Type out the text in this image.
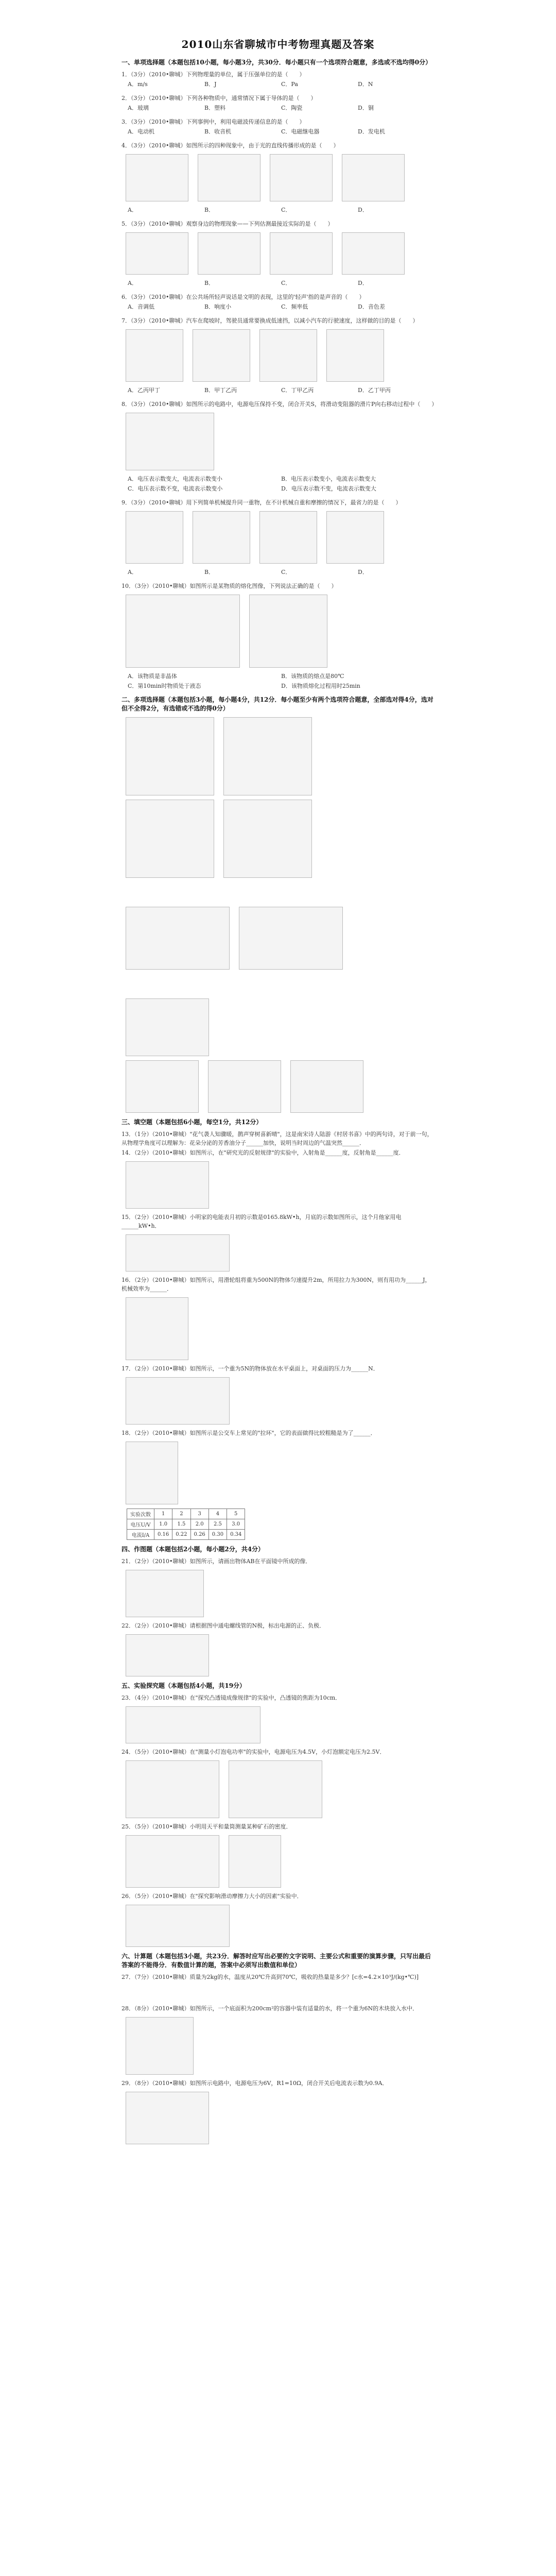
2010山东省聊城市中考物理真题及答案
一、单项选择题（本题包括10小题，每小题3分，共30分．每小题只有一个选项符合题意，多选或不选均得0分）
1．（3分）（2010•聊城）下列物理量的单位，属于压强单位的是（　　）
A．m/s	B．J	C．Pa	D．N
2．（3分）（2010•聊城）下列各种物质中，通常情况下属于导体的是（　　）
A．玻璃	B．塑料	C．陶瓷	D．铜
3．（3分）（2010•聊城）下列事例中，利用电磁波传递信息的是（　　）
A．电动机	B．收音机	C．电磁继电器	D．发电机
4．（3分）（2010•聊城）如图所示的四种现象中，由于光的直线传播形成的是（　　）
A．	B．	C．	D．
5．（3分）（2010•聊城）观察身边的物理现象——下列估测最接近实际的是（　　）
A．	B．	C．	D．
6．（3分）（2010•聊城）在公共场所轻声说话是文明的表现，这里的'轻声'指的是声音的（　　）
A．音调低	B．响度小	C．频率低	D．音色差
7．（3分）（2010•聊城）汽车在爬坡时，驾驶员通常要换成低速挡，以减小汽车的行驶速度，这样做的目的是（　　）
A．乙丙甲丁	B．甲丁乙丙	C．丁甲乙丙	D．乙丁甲丙
8．（3分）（2010•聊城）如图所示的电路中，电源电压保持不变，闭合开关S，将滑动变阻器的滑片P向右移动过程中（　　）
A．电压表示数变大，电流表示数变小	B．电压表示数变小，电流表示数变大
C．电压表示数不变，电流表示数变小	D．电压表示数不变，电流表示数变大
9．（3分）（2010•聊城）用下列简单机械提升同一重物，在不计机械自重和摩擦的情况下，最省力的是（　　）
A．	B．	C．	D．
10．（3分）（2010•聊城）如图所示是某物质的熔化图像，下列说法正确的是（　　）
A．该物质是非晶体	B．该物质的熔点是80℃
C．第10min时物质处于液态	D．该物质熔化过程用时25min
二、多项选择题（本题包括3小题，每小题4分，共12分．每小题至少有两个选项符合题意，全部选对得4分，选对但不全得2分，有选错或不选的得0分）
三、填空题（本题包括6小题，每空1分，共12分）
13．（1分）（2010•聊城）"花气袭人知骤暖，鹊声穿树喜新晴"，这是南宋诗人陆游《村居书喜》中的两句诗，对于前一句，从物理学角度可以理解为：花朵分泌的芳香油分子______加快，说明当时周边的气温突然______．
14．（2分）（2010•聊城）如图所示，在"研究光的反射规律"的实验中，入射角是______度，反射角是______度．
15．（2分）（2010•聊城）小明家的电能表月初的示数是0165.8kW•h，月底的示数如图所示，这个月他家用电______kW•h．
16．（2分）（2010•聊城）如图所示，用滑轮组将重为500N的物体匀速提升2m，所用拉力为300N，则有用功为______J，机械效率为______．
17．（2分）（2010•聊城）如图所示，一个重为5N的物体放在水平桌面上，对桌面的压力为______N．
18．（2分）（2010•聊城）如图所示是公交车上常见的"拉环"，它的表面做得比较粗糙是为了______．
实验次数	1	2	3	4	5
电压U/V	1.0	1.5	2.0	2.5	3.0
电流I/A	0.16	0.22	0.26	0.30	0.34
四、作图题（本题包括2小题，每小题2分，共4分）
21．（2分）（2010•聊城）如图所示，请画出物体AB在平面镜中所成的像．
22．（2分）（2010•聊城）请根据图中通电螺线管的N极，标出电源的正、负极．
五、实验探究题（本题包括4小题，共19分）
23．（4分）（2010•聊城）在"探究凸透镜成像规律"的实验中，凸透镜的焦距为10cm．
24．（5分）（2010•聊城）在"测量小灯泡电功率"的实验中，电源电压为4.5V，小灯泡额定电压为2.5V．
25．（5分）（2010•聊城）小明用天平和量筒测量某种矿石的密度．
26．（5分）（2010•聊城）在"探究影响滑动摩擦力大小的因素"实验中．
六、计算题（本题包括3小题，共23分．解答时应写出必要的文字说明、主要公式和重要的演算步骤，只写出最后答案的不能得分．有数值计算的题，答案中必须写出数值和单位）
27．（7分）（2010•聊城）质量为2kg的水，温度从20℃升高到70℃，吸收的热量是多少？[c水=4.2×10³J/(kg•℃)]
28．（8分）（2010•聊城）如图所示，一个底面积为200cm²的容器中装有适量的水，将一个重为6N的木块放入水中．
29．（8分）（2010•聊城）如图所示电路中，电源电压为6V，R1=10Ω，闭合开关后电流表示数为0.9A．
